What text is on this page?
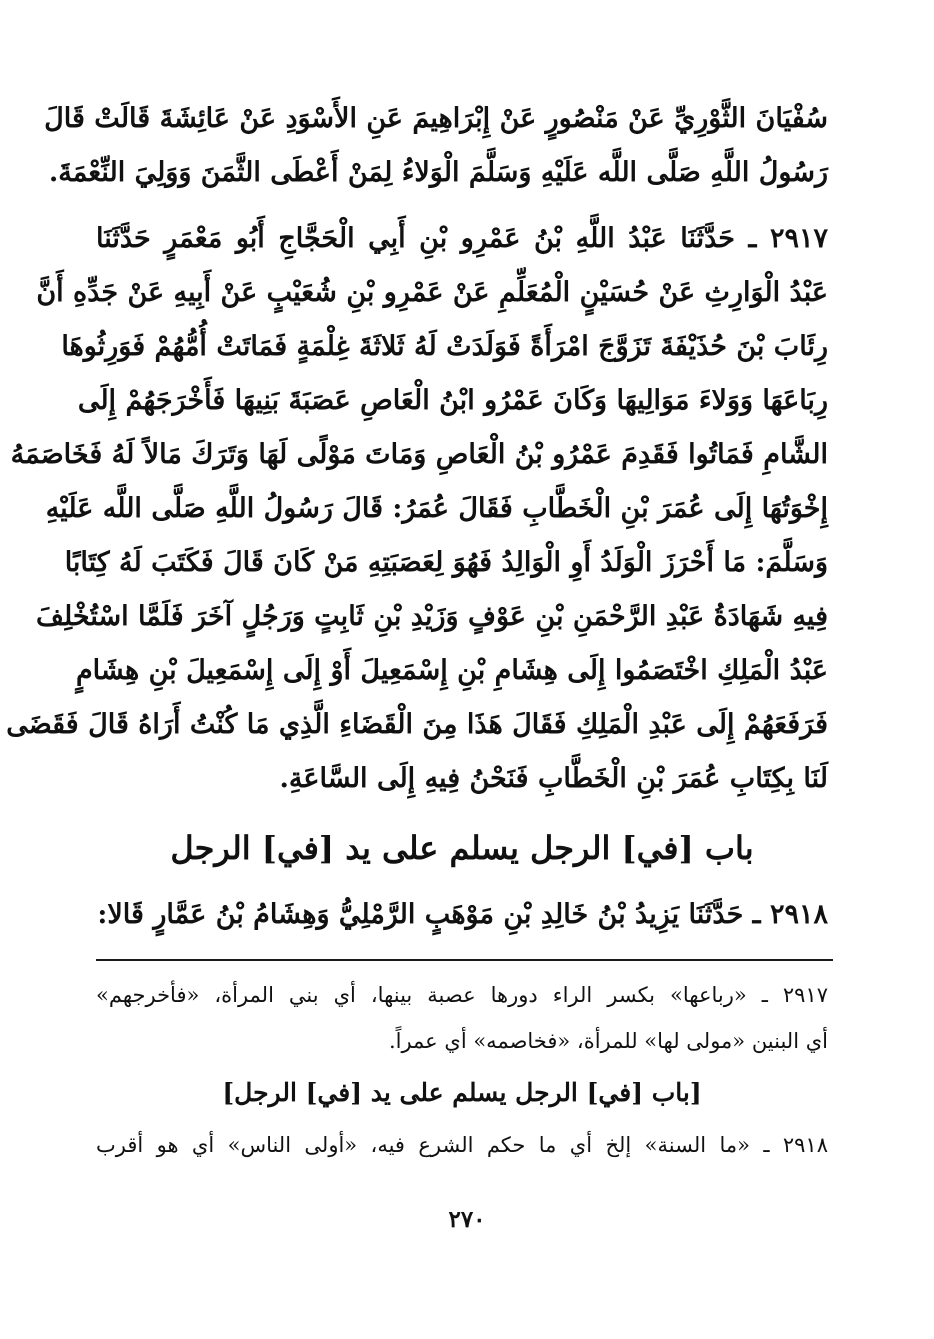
سُفْيَانَ الثَّوْرِيِّ عَنْ مَنْصُورٍ عَنْ إِبْرَاهِيمَ عَنِ الأَسْوَدِ عَنْ عَائِشَةَ قَالَتْ قَالَ
رَسُولُ اللَّهِ صَلَّى اللَّه عَلَيْهِ وَسَلَّمَ الْوَلاءُ لِمَنْ أَعْطَى الثَّمَنَ وَوَلِيَ النِّعْمَةَ.
٢٩١٧ ـ حَدَّثَنَا عَبْدُ اللَّهِ بْنُ عَمْرِو بْنِ أَبِي الْحَجَّاجِ أَبُو مَعْمَرٍ حَدَّثَنَا
عَبْدُ الْوَارِثِ عَنْ حُسَيْنٍ الْمُعَلِّمِ عَنْ عَمْرِو بْنِ شُعَيْبٍ عَنْ أَبِيهِ عَنْ جَدِّهِ أَنَّ
رِئَابَ بْنَ حُذَيْفَةَ تَزَوَّجَ امْرَأَةً فَوَلَدَتْ لَهُ ثَلاثَةَ غِلْمَةٍ فَمَاتَتْ أُمُّهُمْ فَوَرِثُوهَا
رِبَاعَهَا وَوَلاءَ مَوَالِيهَا وَكَانَ عَمْرُو ابْنُ الْعَاصِ عَصَبَةَ بَنِيهَا فَأَخْرَجَهُمْ إِلَى
الشَّامِ فَمَاتُوا فَقَدِمَ عَمْرُو بْنُ الْعَاصِ وَمَاتَ مَوْلًى لَهَا وَتَرَكَ مَالاً لَهُ فَخَاصَمَهُ
إِخْوَتُهَا إِلَى عُمَرَ بْنِ الْخَطَّابِ فَقَالَ عُمَرُ: قَالَ رَسُولُ اللَّهِ صَلَّى اللَّه عَلَيْهِ
وَسَلَّمَ: مَا أَحْرَزَ الْوَلَدُ أَوِ الْوَالِدُ فَهُوَ لِعَصَبَتِهِ مَنْ كَانَ قَالَ فَكَتَبَ لَهُ كِتَابًا
فِيهِ شَهَادَةُ عَبْدِ الرَّحْمَنِ بْنِ عَوْفٍ وَزَيْدِ بْنِ ثَابِتٍ وَرَجُلٍ آخَرَ فَلَمَّا اسْتُخْلِفَ
عَبْدُ الْمَلِكِ اخْتَصَمُوا إِلَى هِشَامِ بْنِ إِسْمَعِيلَ أَوْ إِلَى إِسْمَعِيلَ بْنِ هِشَامٍ
فَرَفَعَهُمْ إِلَى عَبْدِ الْمَلِكِ فَقَالَ هَذَا مِنَ الْقَضَاءِ الَّذِي مَا كُنْتُ أَرَاهُ قَالَ فَقَضَى
لَنَا بِكِتَابِ عُمَرَ بْنِ الْخَطَّابِ فَنَحْنُ فِيهِ إِلَى السَّاعَةِ.
باب [في] الرجل يسلم على يد [في] الرجل
٢٩١٨ ـ حَدَّثَنَا يَزِيدُ بْنُ خَالِدِ بْنِ مَوْهَبٍ الرَّمْلِيُّ وَهِشَامُ بْنُ عَمَّارٍ قَالا:
٢٩١٧ ـ «رباعها» بكسر الراء دورها عصبة بينها، أي بني المرأة، «فأخرجهم»
أي البنين «مولى لها» للمرأة، «فخاصمه» أي عمراً.
[باب [في] الرجل يسلم على يد [في] الرجل]
٢٩١٨ ـ «ما السنة» إلخ أي ما حكم الشرع فيه، «أولى الناس» أي هو أقرب
٢٧٠
